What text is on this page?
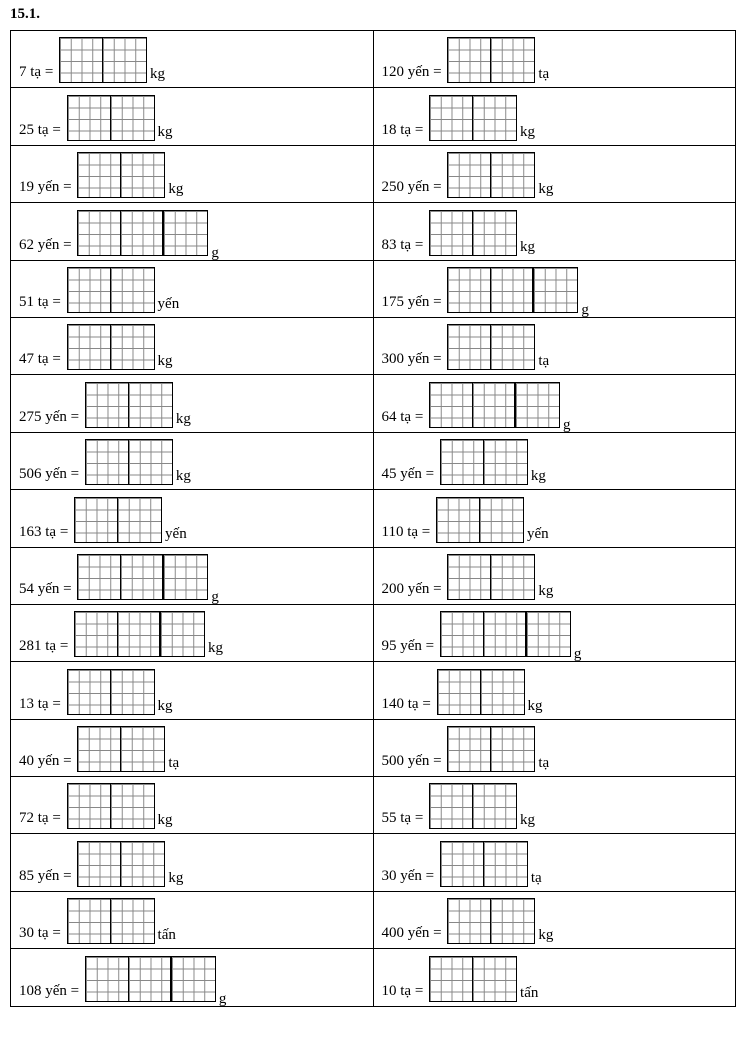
15.1.
7 tạ = kg	120 yến = tạ

25 tạ = kg	18 tạ = kg

19 yến = kg	250 yến = kg

62 yến = g	83 tạ = kg

51 tạ = yến	175 yến = g

47 tạ = kg	300 yến = tạ

275 yến = kg	64 tạ = g

506 yến = kg	45 yến = kg

163 tạ = yến	110 tạ = yến

54 yến = g	200 yến = kg

281 tạ = kg	95 yến = g

13 tạ = kg	140 tạ = kg

40 yến = tạ	500 yến = tạ

72 tạ = kg	55 tạ = kg

85 yến = kg	30 yến = tạ

30 tạ = tấn	400 yến = kg

108 yến = g	10 tạ = tấn
